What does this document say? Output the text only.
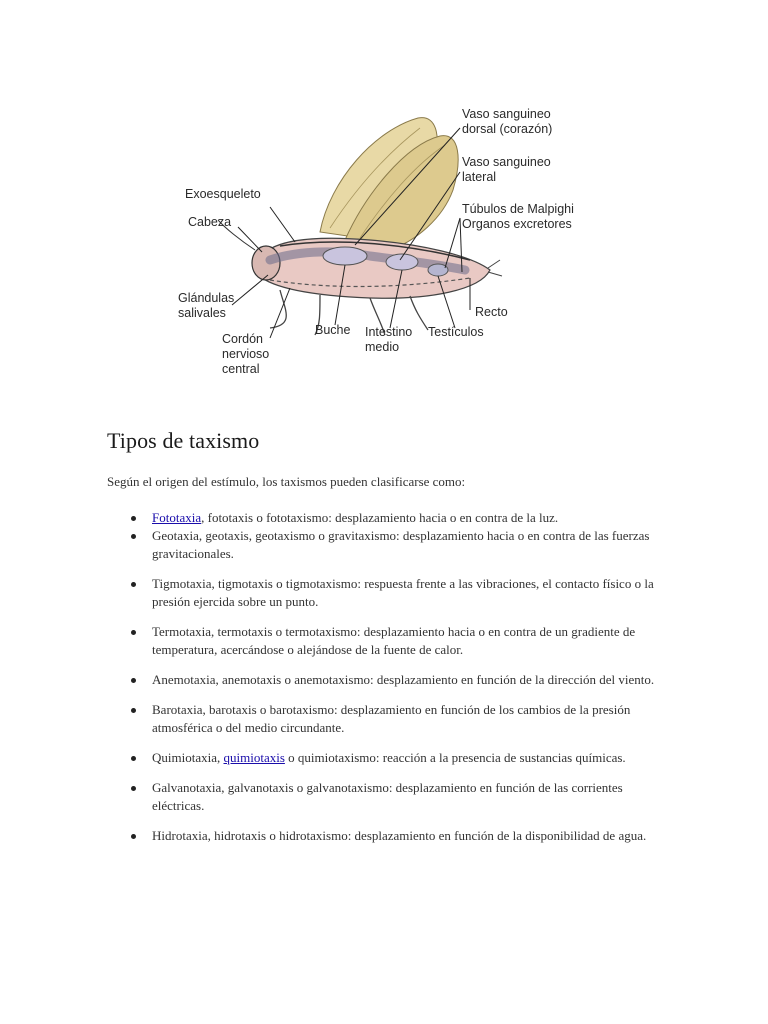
Vaso sanguineo
dorsal (corazón)
Vaso sanguineo
lateral
Exoesqueleto
Túbulos de Malpighi
Organos excretores
Cabeza
Glándulas
salivales	Recto
Buche Intestino
medio
Testículos
Cordón
nervioso
central
Tipos de taxismo

Según el origen del estímulo, los taxismos pueden clasificarse como:

Fototaxia, fototaxis o fototaxismo: desplazamiento hacia o en contra de la luz.
Geotaxia, geotaxis, geotaxismo o gravitaxismo: desplazamiento hacia o en contra de las fuerzas gravitacionales.
Tigmotaxia, tigmotaxis o tigmotaxismo: respuesta frente a las vibraciones, el contacto físico o la presión ejercida sobre un punto.
Termotaxia, termotaxis o termotaxismo: desplazamiento hacia o en contra de un gradiente de temperatura, acercándose o alejándose de la fuente de calor.
Anemotaxia, anemotaxis o anemotaxismo: desplazamiento en función de la dirección del viento.
Barotaxia, barotaxis o barotaxismo: desplazamiento en función de los cambios de la presión atmosférica o del medio circundante.
Quimiotaxia, quimiotaxis o quimiotaxismo: reacción a la presencia de sustancias químicas.
Galvanotaxia, galvanotaxis o galvanotaxismo: desplazamiento en función de las corrientes eléctricas.
Hidrotaxia, hidrotaxis o hidrotaxismo: desplazamiento en función de la disponibilidad de agua.
